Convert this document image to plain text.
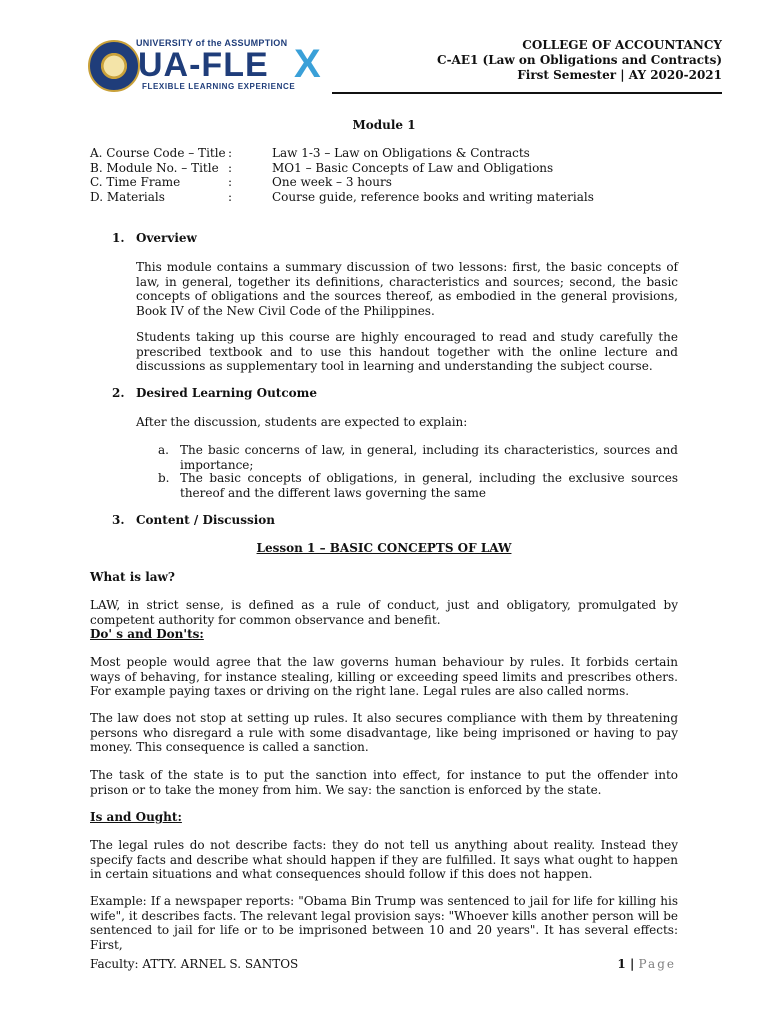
UNIVERSITY of the ASSUMPTION
UA-FLE X
FLEXIBLE LEARNING EXPERIENCE
COLLEGE OF ACCOUNTANCY
C-AE1 (Law on Obligations and Contracts)
First Semester | AY 2020-2021
Module 1
A. Course Code – Title :	Law 1-3 – Law on Obligations & Contracts
B. Module No. – Title :	MO1 – Basic Concepts of Law and Obligations
C. Time Frame	:	One week – 3 hours
D. Materials	:	Course guide, reference books and writing materials
1. Overview
This module contains a summary discussion of two lessons: first, the basic concepts of law, in general, together its definitions, characteristics and sources; second, the basic concepts of obligations and the sources thereof, as embodied in the general provisions, Book IV of the New Civil Code of the Philippines.
Students taking up this course are highly encouraged to read and study carefully the prescribed textbook and to use this handout together with the online lecture and discussions as supplementary tool in learning and understanding the subject course.
2. Desired Learning Outcome
After the discussion, students are expected to explain:
a. The basic concerns of law, in general, including its characteristics, sources and importance;
b. The basic concepts of obligations, in general, including the exclusive sources thereof and the different laws governing the same
3. Content / Discussion
Lesson 1 – BASIC CONCEPTS OF LAW
What is law?
LAW, in strict sense, is defined as a rule of conduct, just and obligatory, promulgated by competent authority for common observance and benefit.
Do' s and Don'ts:
Most people would agree that the law governs human behaviour by rules. It forbids certain ways of behaving, for instance stealing, killing or exceeding speed limits and prescribes others. For example paying taxes or driving on the right lane. Legal rules are also called norms.
The law does not stop at setting up rules. It also secures compliance with them by threatening persons who disregard a rule with some disadvantage, like being imprisoned or having to pay money. This consequence is called a sanction.
The task of the state is to put the sanction into effect, for instance to put the offender into prison or to take the money from him. We say: the sanction is enforced by the state.
Is and Ought:
The legal rules do not describe facts: they do not tell us anything about reality. Instead they specify facts and describe what should happen if they are fulfilled. It says what ought to happen in certain situations and what consequences should follow if this does not happen.
Example: If a newspaper reports: "Obama Bin Trump was sentenced to jail for life for killing his wife", it describes facts. The relevant legal provision says: "Whoever kills another person will be sentenced to jail for life or to be imprisoned between 10 and 20 years". It has several effects: First,
Faculty: ATTY. ARNEL S. SANTOS	1 | Page
